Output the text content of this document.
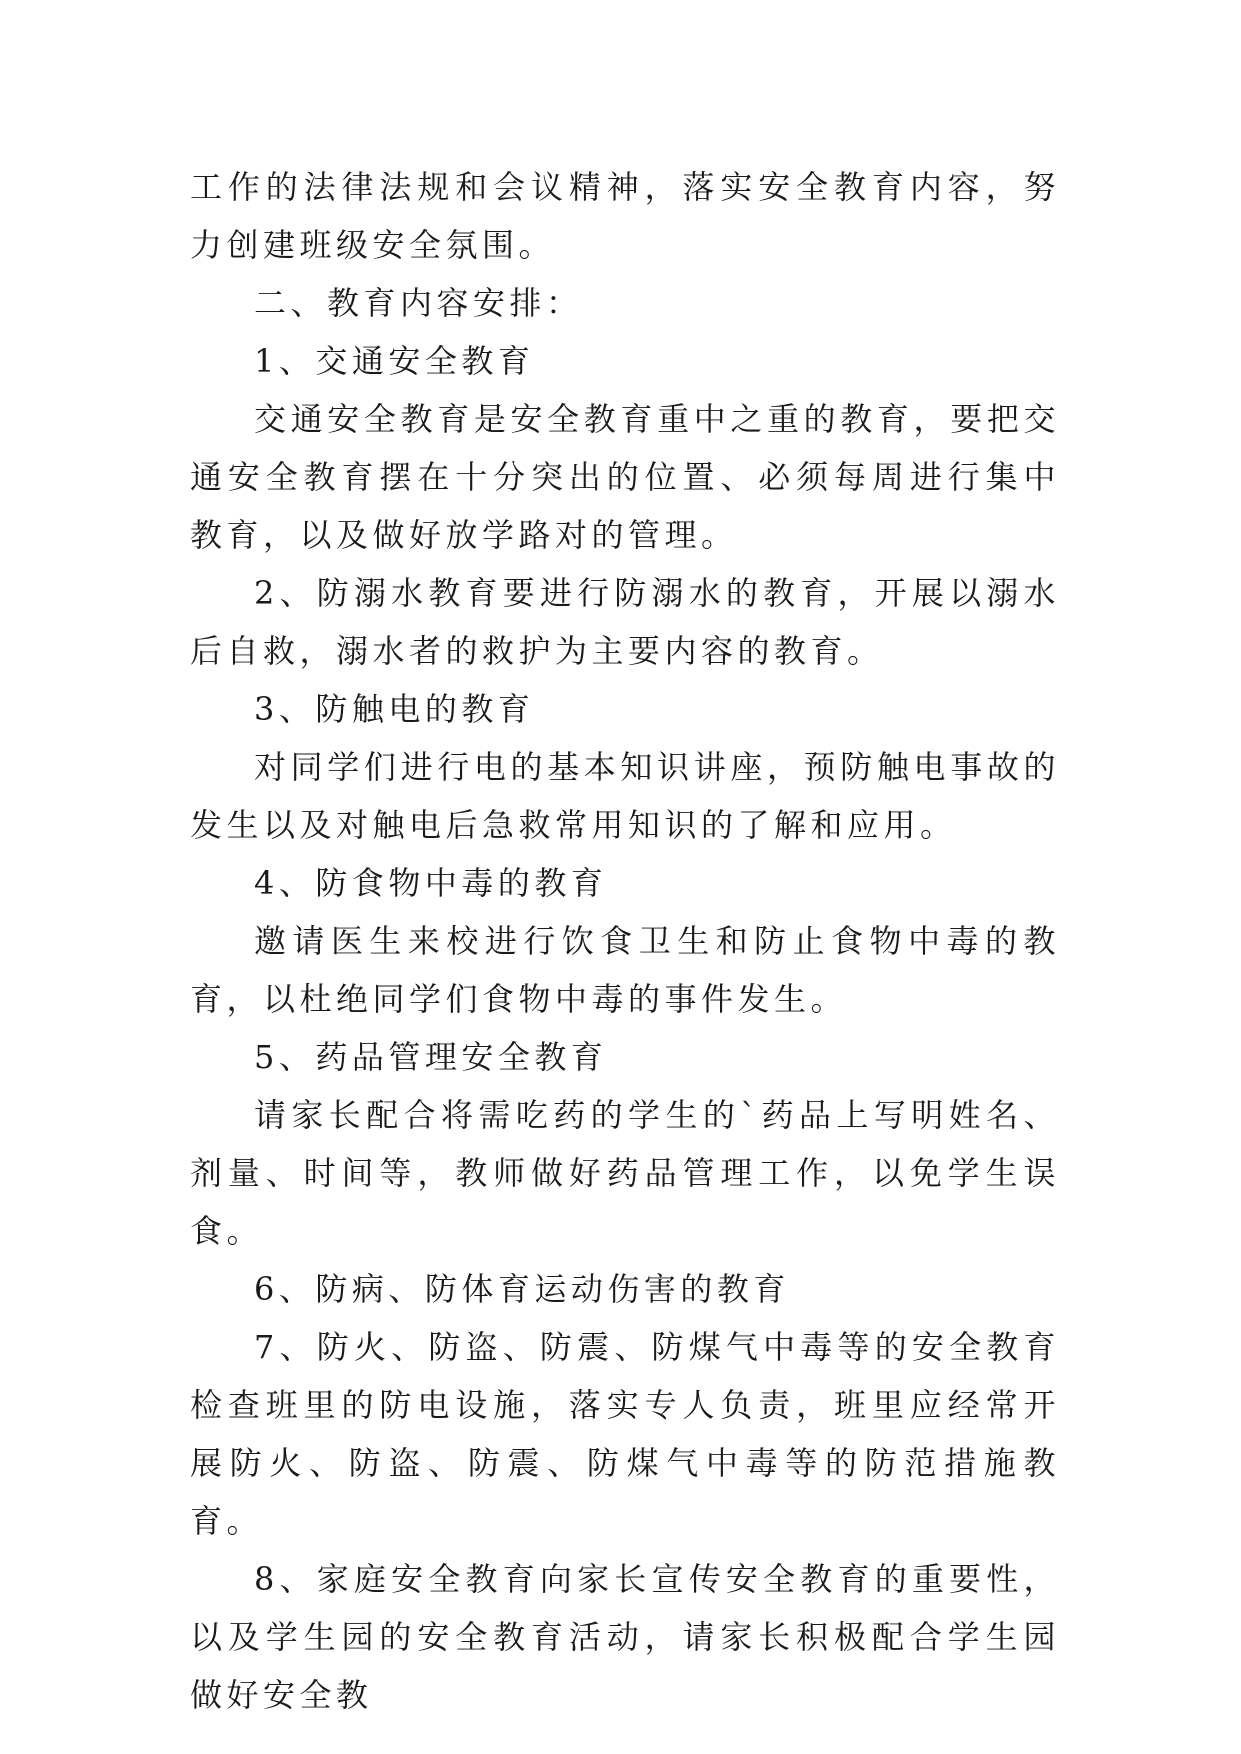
工作的法律法规和会议精神，落实安全教育内容，努力创建班级安全氛围。

二、教育内容安排：

1、交通安全教育

交通安全教育是安全教育重中之重的教育，要把交通安全教育摆在十分突出的位置、必须每周进行集中教育，以及做好放学路对的管理。

2、防溺水教育要进行防溺水的教育，开展以溺水后自救，溺水者的救护为主要内容的教育。

3、防触电的教育

对同学们进行电的基本知识讲座，预防触电事故的发生以及对触电后急救常用知识的了解和应用。

4、防食物中毒的教育

邀请医生来校进行饮食卫生和防止食物中毒的教育，以杜绝同学们食物中毒的事件发生。

5、药品管理安全教育

请家长配合将需吃药的学生的`药品上写明姓名、剂量、时间等，教师做好药品管理工作，以免学生误食。

6、防病、防体育运动伤害的教育

7、防火、防盗、防震、防煤气中毒等的安全教育检查班里的防电设施，落实专人负责，班里应经常开展防火、防盗、防震、防煤气中毒等的防范措施教育。

8、家庭安全教育向家长宣传安全教育的重要性，以及学生园的安全教育活动，请家长积极配合学生园做好安全教
